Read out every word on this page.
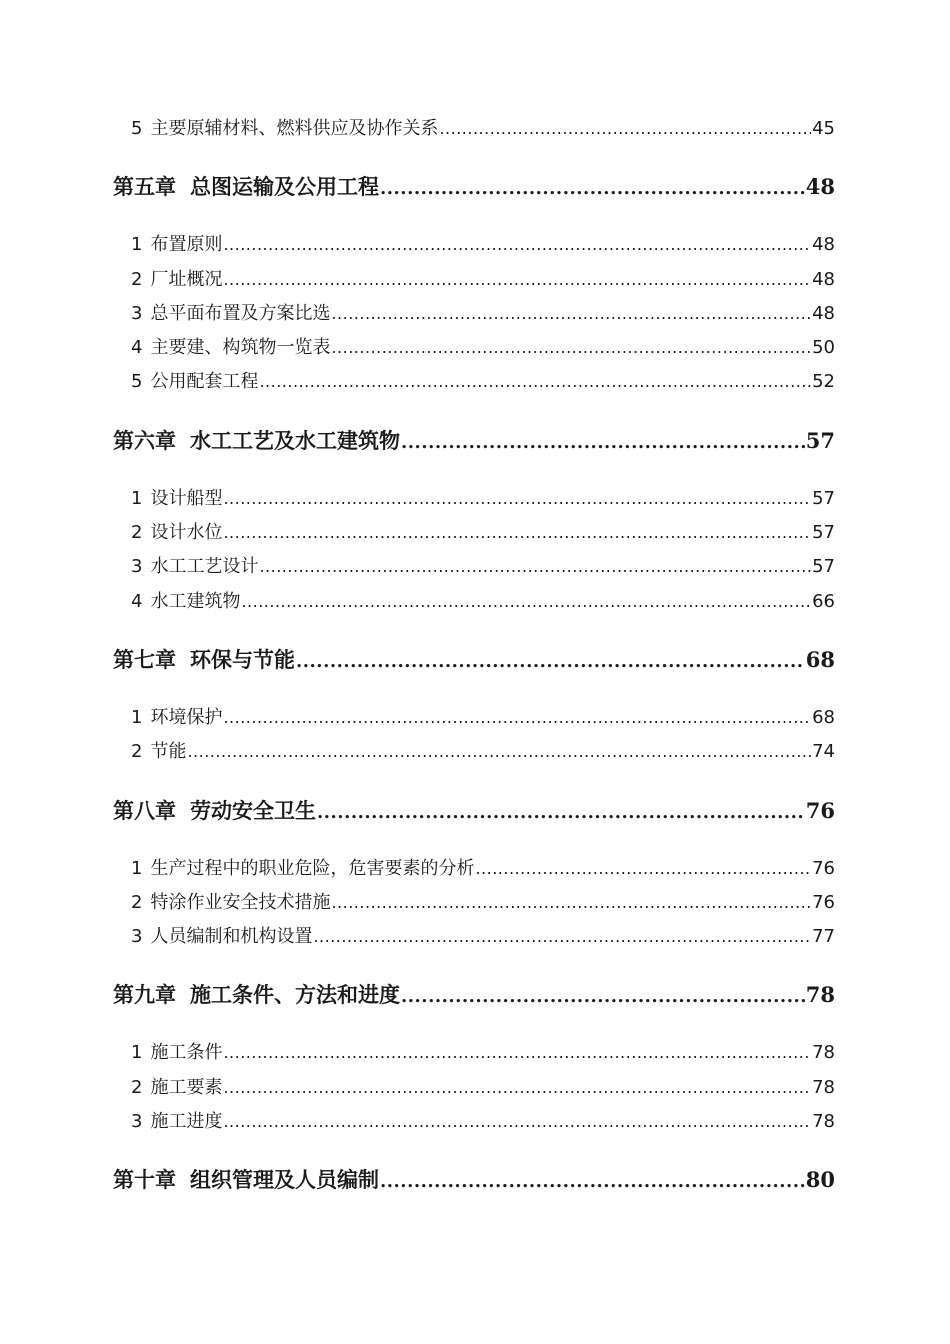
5 主要原辅材料、燃料供应及协作关系 .....	45
第五章 总图运输及公用工程 .....	48
1 布置原则 .....	48
2 厂址概况 .....	48
3 总平面布置及方案比选 .....	48
4 主要建、构筑物一览表 .....	50
5 公用配套工程 .....	52
第六章 水工工艺及水工建筑物 .....	57
1 设计船型 .....	57
2 设计水位 .....	57
3 水工工艺设计 .....	57
4 水工建筑物 .....	66
第七章 环保与节能 .....	68
1 环境保护 .....	68
2 节能 .....	74
第八章 劳动安全卫生 .....	76
1 生产过程中的职业危险，危害要素的分析 .....	76
2 特涂作业安全技术措施 .....	76
3 人员编制和机构设置 .....	77
第九章 施工条件、方法和进度 .....	78
1 施工条件 .....	78
2 施工要素 .....	78
3 施工进度 .....	78
第十章 组织管理及人员编制 .....	80
